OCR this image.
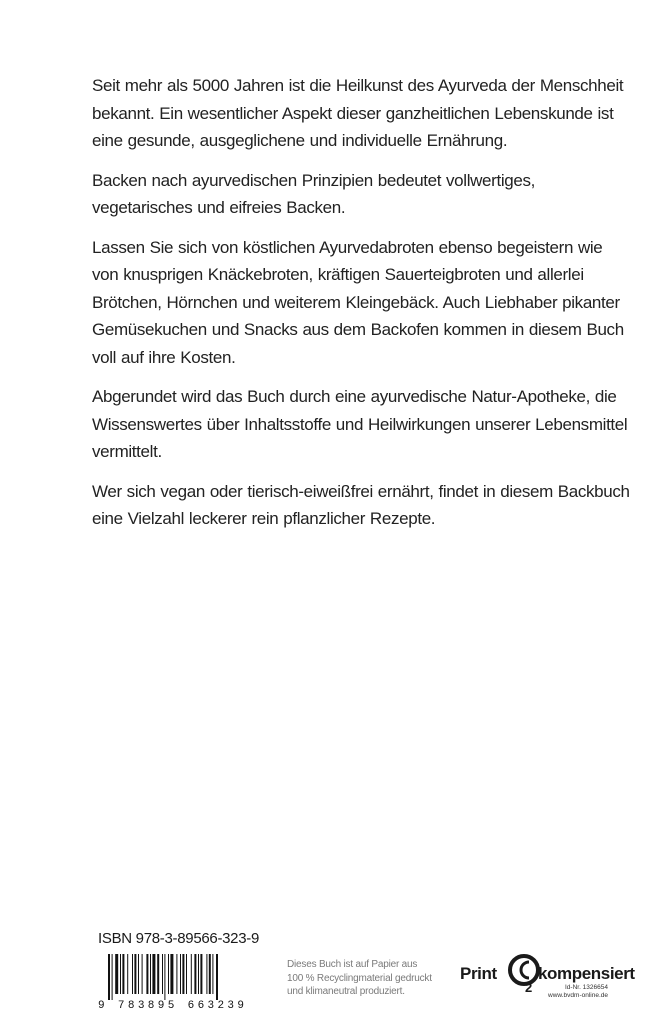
Seit mehr als 5000 Jahren ist die Heilkunst des Ayurveda der Menschheit bekannt. Ein wesentlicher Aspekt dieser ganzheitlichen Lebenskunde ist eine gesunde, ausgeglichene und individuelle Ernährung.

Backen nach ayurvedischen Prinzipien bedeutet vollwertiges, vegetarisches und eifreies Backen.

Lassen Sie sich von köstlichen Ayurvedabroten ebenso begeistern wie von knusprigen Knäckebroten, kräftigen Sauerteigbroten und allerlei Brötchen, Hörnchen und weiterem Kleingebäck. Auch Liebhaber pikanter Gemüsekuchen und Snacks aus dem Backofen kommen in diesem Buch voll auf ihre Kosten.

Abgerundet wird das Buch durch eine ayurvedische Natur-Apotheke, die Wissenswertes über Inhaltsstoffe und Heilwirkungen unserer Lebensmittel vermittelt.

Wer sich vegan oder tierisch-eiweißfrei ernährt, findet in diesem Backbuch eine Vielzahl leckerer rein pflanzlicher Rezepte.

ISBN 978-3-89566-323-9
9 783895 663239
Dieses Buch ist auf Papier aus
100 % Recyclingmaterial gedruckt
und klimaneutral produziert.
Print
2
kompensiert
Id-Nr. 1326654
www.bvdm-online.de
